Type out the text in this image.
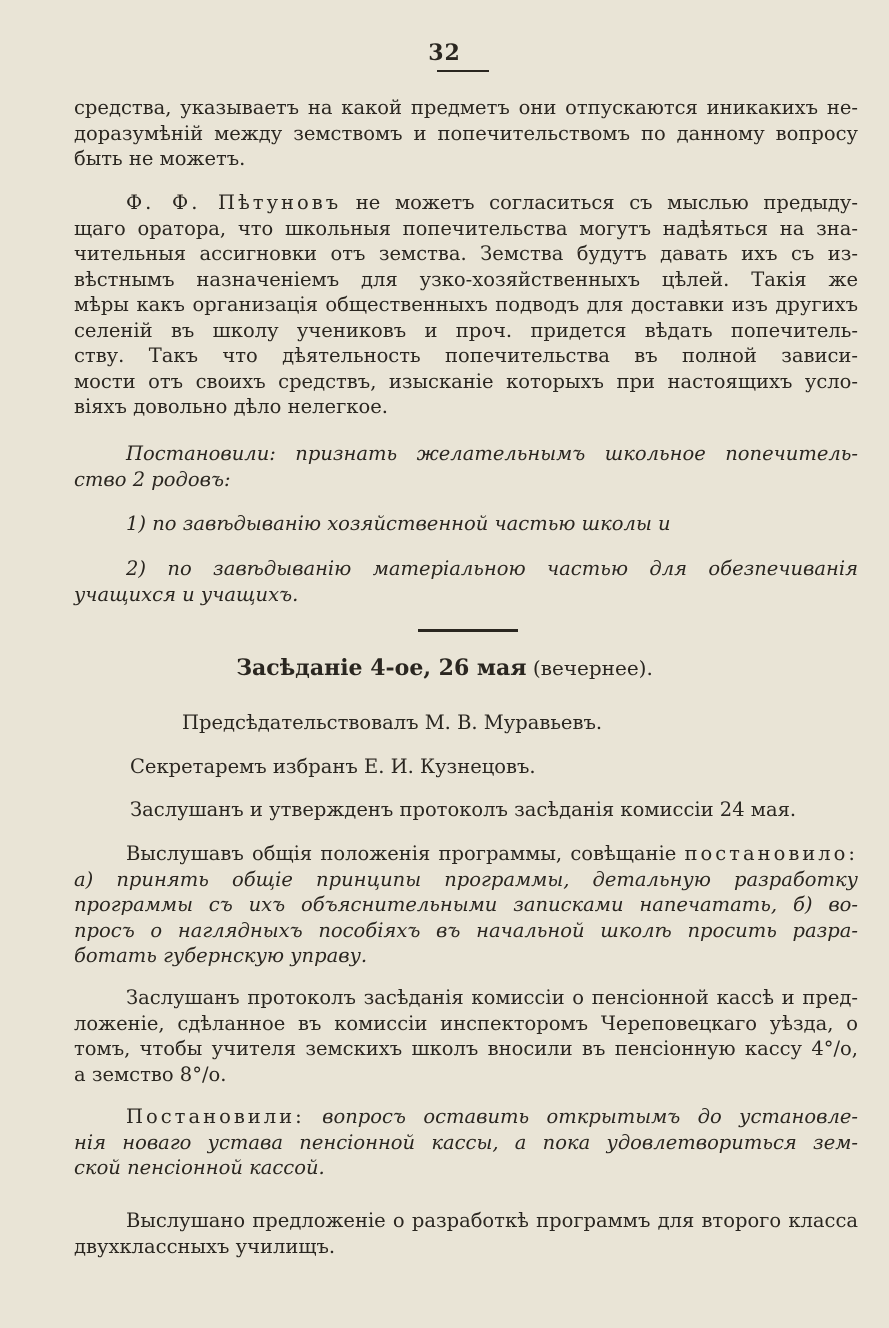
32
средства, указываетъ на какой предметъ они отпускаются иникакихъ не-
доразумѣній между земствомъ и попечительствомъ по данному вопросу
быть не можетъ.
Ф. Ф. Пѣтуновъ не можетъ согласиться съ мыслью предыду-
щаго оратора, что школьныя попечительства могутъ надѣяться на зна-
чительныя ассигновки отъ земства. Земства будутъ давать ихъ съ из-
вѣстнымъ назначеніемъ для узко-хозяйственныхъ цѣлей. Такія же
мѣры какъ организація общественныхъ подводъ для доставки изъ другихъ
селеній въ школу учениковъ и проч. придется вѣдать попечитель-
ству. Такъ что дѣятельность попечительства въ полной зависи-
мости отъ своихъ средствъ, изысканіе которыхъ при настоящихъ усло-
віяхъ довольно дѣло нелегкое.
Постановили: признать желательнымъ школьное попечитель-
ство 2 родовъ:
1) по завѣдыванію хозяйственной частью школы и
2) по завѣдыванію матеріальною частью для обезпечиванія
учащихся и учащихъ.
Засѣданіе 4-ое, 26 мая (вечернее).
Предсѣдательствовалъ М. В. Муравьевъ.
Секретаремъ избранъ Е. И. Кузнецовъ.
Заслушанъ и утвержденъ протоколъ засѣданія комиссіи 24 мая.
Выслушавъ общія положенія программы, совѣщаніе постановило:
а) принять общіе принципы программы, детальную разработку
программы съ ихъ объяснительными записками напечатать, б) во-
просъ о наглядныхъ пособіяхъ въ начальной школѣ просить разра-
ботать губернскую управу.
Заслушанъ протоколъ засѣданія комиссіи о пенсіонной кассѣ и пред-
ложеніе, сдѣланное въ комиссіи инспекторомъ Череповецкаго уѣзда, о
томъ, чтобы учителя земскихъ школъ вносили въ пенсіонную кассу 4°/о,
а земство 8°/о.
Постановили: вопросъ оставить открытымъ до установле-
нія новаго устава пенсіонной кассы, а пока удовлетвориться зем-
ской пенсіонной кассой.
Выслушано предложеніе о разработкѣ программъ для второго класса
двухклассныхъ училищъ.
